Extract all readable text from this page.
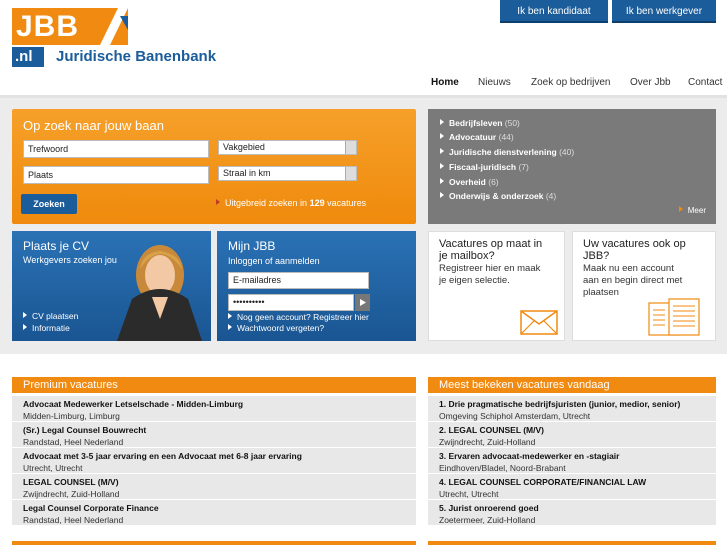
JBB
.nl	Juridische Banenbank
Ik ben kandidaat	Ik ben werkgever
Home Nieuws Zoek op bedrijven Over Jbb Contact
Op zoek naar jouw baan
Trefwoord
Plaats
Vakgebied
Straal in km
Zoeken	Uitgebreid zoeken in 129 vacatures
Bedrijfsleven (50)
Advocatuur (44)
Juridische dienstverlening (40)
Fiscaal-juridisch (7)
Overheid (6)
Onderwijs & onderzoek (4)
Meer
Plaats je CV
Werkgevers zoeken jou
CV plaatsen
Informatie
Mijn JBB
Inloggen of aanmelden
E-mailadres
••••••••••
Nog geen account? Registreer hier
Wachtwoord vergeten?
Vacatures op maat in
je mailbox?
Registreer hier en maak
je eigen selectie.
Uw vacatures ook op
JBB?
Maak nu een account
aan en begin direct met
plaatsen
Premium vacatures
Advocaat Medewerker Letselschade - Midden-Limburg
Midden-Limburg, Limburg
(Sr.) Legal Counsel Bouwrecht
Randstad, Heel Nederland
Advocaat met 3-5 jaar ervaring en een Advocaat met 6-8 jaar ervaring
Utrecht, Utrecht
LEGAL COUNSEL (M/V)
Zwijndrecht, Zuid-Holland
Legal Counsel Corporate Finance
Randstad, Heel Nederland
Meest bekeken vacatures vandaag
1. Drie pragmatische bedrijfsjuristen (junior, medior, senior)
Omgeving Schiphol Amsterdam, Utrecht
2. LEGAL COUNSEL (M/V)
Zwijndrecht, Zuid-Holland
3. Ervaren advocaat-medewerker en -stagiair
Eindhoven/Bladel, Noord-Brabant
4. LEGAL COUNSEL CORPORATE/FINANCIAL LAW
Utrecht, Utrecht
5. Jurist onroerend goed
Zoetermeer, Zuid-Holland
